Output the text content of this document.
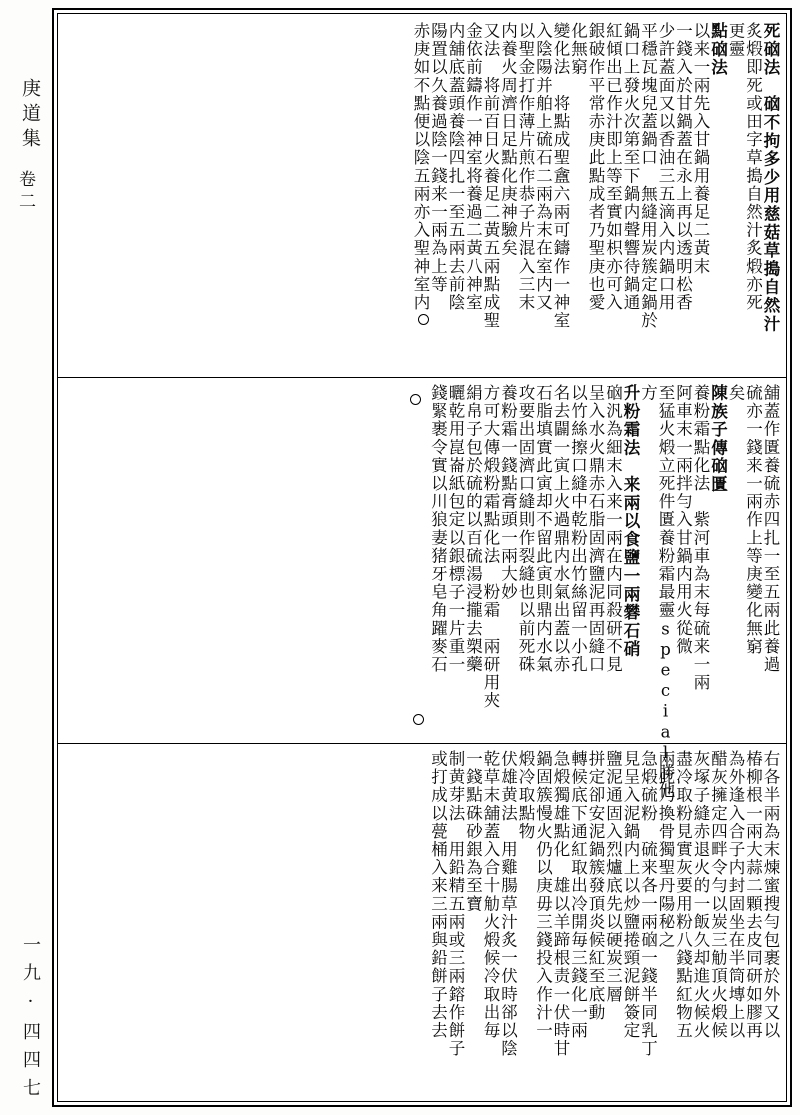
庚道集
卷二
一九·四四七
死硇法　硇不拘多少用慈菇草搗自然汁
炙煅即死或田字草搗自然汁炙煅亦死
更靈
點硇法
以来一兩先入甘鍋用養足二黃末
一錢入於甘鍋蓋在永上再以透明松香
少許蓋面又以香油三五滴入内鍋口用
平穩瓦塊兒蓋鍋口　無縫用炭簇定鍋於
鍋口上發火次第至下鍋内聲響待鍋通
紅傾出已作汁即上等至實如枳亦可入
銀破作平常赤庚此點成者乃聖庚也愛
化無窮
變化法　将點成聖盦六兩可鑄作一神室
入陰陽并舶上硫石二兩為末在室内又
以聖金打作薄片煎作恭子片混入三末
内養火周濟日足點化庚神驗矣
又法　将前百日火養足二黃五兩點成聖
金依前鑄作一神室将養過二黃八神室
内舖底蓋頭養陰四扎一至五兩去前陰
陽置以久養過陰一錢来一兩為上等
赤庚如不點便以陰五兩亦入聖神室内
舖蓋作匱養硫赤四扎一至五兩此養過
硫亦一錢来一兩作上等庚變化無窮
矣
陳族子傳硇匱
養粉霜點化法　紫河車為末每硫来一兩
阿車末一兩拌勻入甘鍋内用火從微
至猛火煅立死件匱養粉霜最靈special勝他
方
升粉霜法　来兩以食鹽一兩礬石硝
硇汎為細末入来一兩在内同殺研不見
呈入水火鼎赤石脂固濟鹽泥再固縫口
以竹絲擦口縫中乾粉出竹絲留一小孔
名去闢一寅上火過鼎内水氣出蓋以赤
石脂填實此寅却不留此寅則鼎内水氣
攻要出固濟口縫則作裂縫也以前死硃
養粉霜一錢點膏頭一兩大妙
方可大傳煅粉霜點化法　粉霜　兩研用夾
絹帛子包於硫的以百硫湯浸攏去槊藥
曬乾用崑崙紙包定以銀標子一片重一
錢緊裹令實以川狼妻猪牙皂角躍麥石
右各半兩為末煉蜜搜勻包裹於外又以
椿柳根一兩大蒜二顆去皮同研如膠再
為外逢入合子内封固坐在半筒塼上以
醋灰擁定四畔令勻以炭三觔頂火煅候
灰塚子縫赤退火的一飯久却進火候火
盡冷取粉見實灰要用粉八錢點紅物五
兩此乃換骨獨聖丹陽秘之
急煅硫粉　硫来各一兩硇一錢半同乳丁
見呈入泥鍋内上以炒鹽捲頸泥餅簽定
鹽泥通固入烈爐底先以硬炭三層
拼定卻安泥鍋簇發頂炎候紅至底動
轉候底下通紅取出冷開毎三錢化一兩
急煅獨雄點化　雄以羊蹄根责一伏時甘
鍋固簇慢火仍以庚毋三錢投入作汁一
煅冷取點物
伏雄黄法　用雞腸草汁炙一伏時郤以陰
乾草末舖蓋入合十觔火煅候冷取出毎
一錢點硃砂銀為至寶
制黄芽法　用鉛精五兩或三兩鎔作餅子
或打成以甍桶入来三兩與鉛餅子去去
